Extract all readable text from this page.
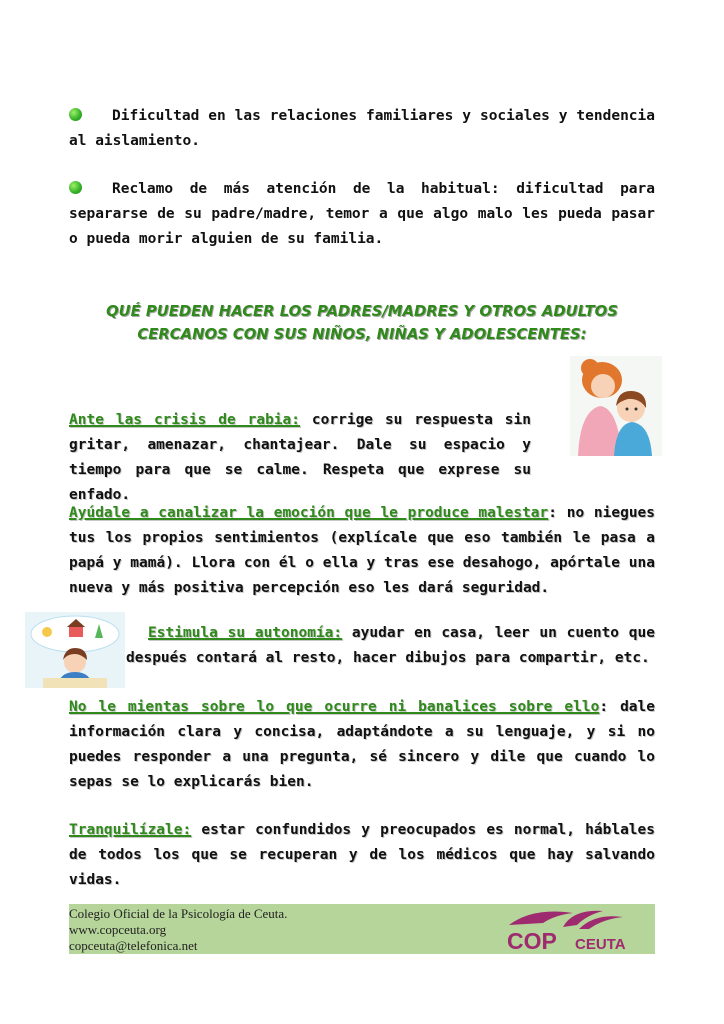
Dificultad en las relaciones familiares y sociales y tendencia al aislamiento.
Reclamo de más atención de la habitual: dificultad para separarse de su padre/madre, temor a que algo malo les pueda pasar o pueda morir alguien de su familia.
QUÉ PUEDEN HACER LOS PADRES/MADRES Y OTROS ADULTOS
CERCANOS CON SUS NIÑOS, NIÑAS Y ADOLESCENTES:
Ante las crisis de rabia: corrige su respuesta sin gritar, amenazar, chantajear. Dale su espacio y tiempo para que se calme. Respeta que exprese su enfado.
Ayúdale a canalizar la emoción que le produce malestar: no niegues tus los propios sentimientos (explícale que eso también le pasa a papá y mamá). Llora con él o ella y tras ese desahogo, apórtale una nueva y más positiva percepción eso les dará seguridad.
Estimula su autonomía: ayudar en casa, leer un cuento que después contará al resto, hacer dibujos para compartir, etc.
No le mientas sobre lo que ocurre ni banalices sobre ello: dale información clara y concisa, adaptándote a su lenguaje, y si no puedes responder a una pregunta, sé sincero y dile que cuando lo sepas se lo explicarás bien.
Tranquilízale: estar confundidos y preocupados es normal, háblales de todos los que se recuperan y de los médicos que hay salvando vidas.
Colegio Oficial de la Psicología de Ceuta.
www.copceuta.org
copceuta@telefonica.net	COP CEUTA
